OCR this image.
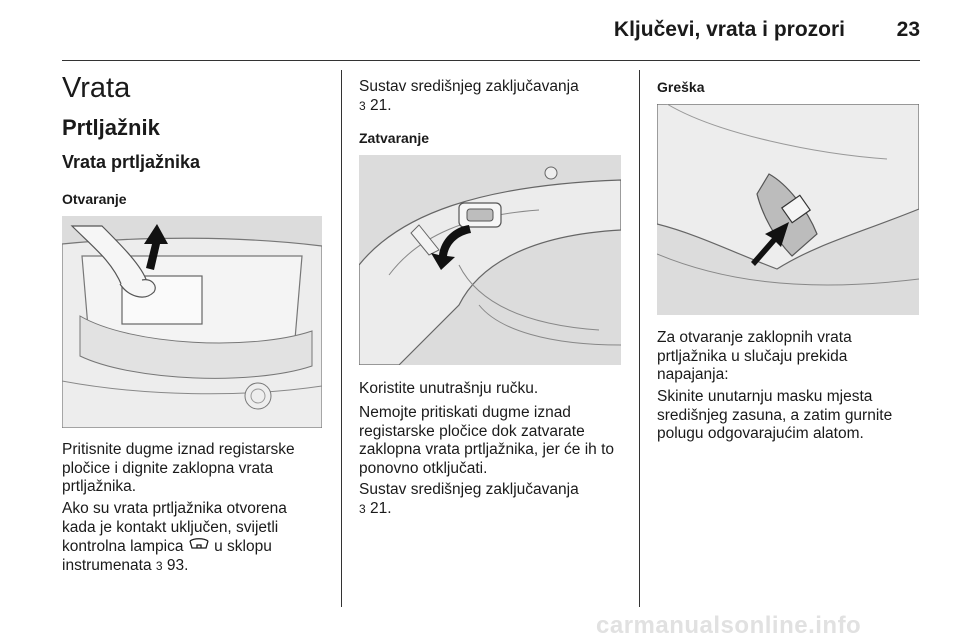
Ključevi, vrata i prozori 23
Vrata
Prtljažnik
Vrata prtljažnika
Otvaranje
Pritisnite dugme iznad registarske
pločice i dignite zaklopna vrata
prtljažnika.
Ako su vrata prtljažnika otvorena
kada je kontakt uključen, svijetli
kontrolna lampica u sklopu
instrumenata 3 93.
Sustav središnjeg zaključavanja
3 21.
Zatvaranje
Koristite unutrašnju ručku.
Nemojte pritiskati dugme iznad
registarske pločice dok zatvarate
zaklopna vrata prtljažnika, jer će ih to
ponovno otključati.
Sustav središnjeg zaključavanja
3 21.
Greška
Za otvaranje zaklopnih vrata
prtljažnika u slučaju prekida
napajanja:
Skinite unutarnju masku mjesta
središnjeg zasuna, a zatim gurnite
polugu odgovarajućim alatom.
carmanualsonline.info
